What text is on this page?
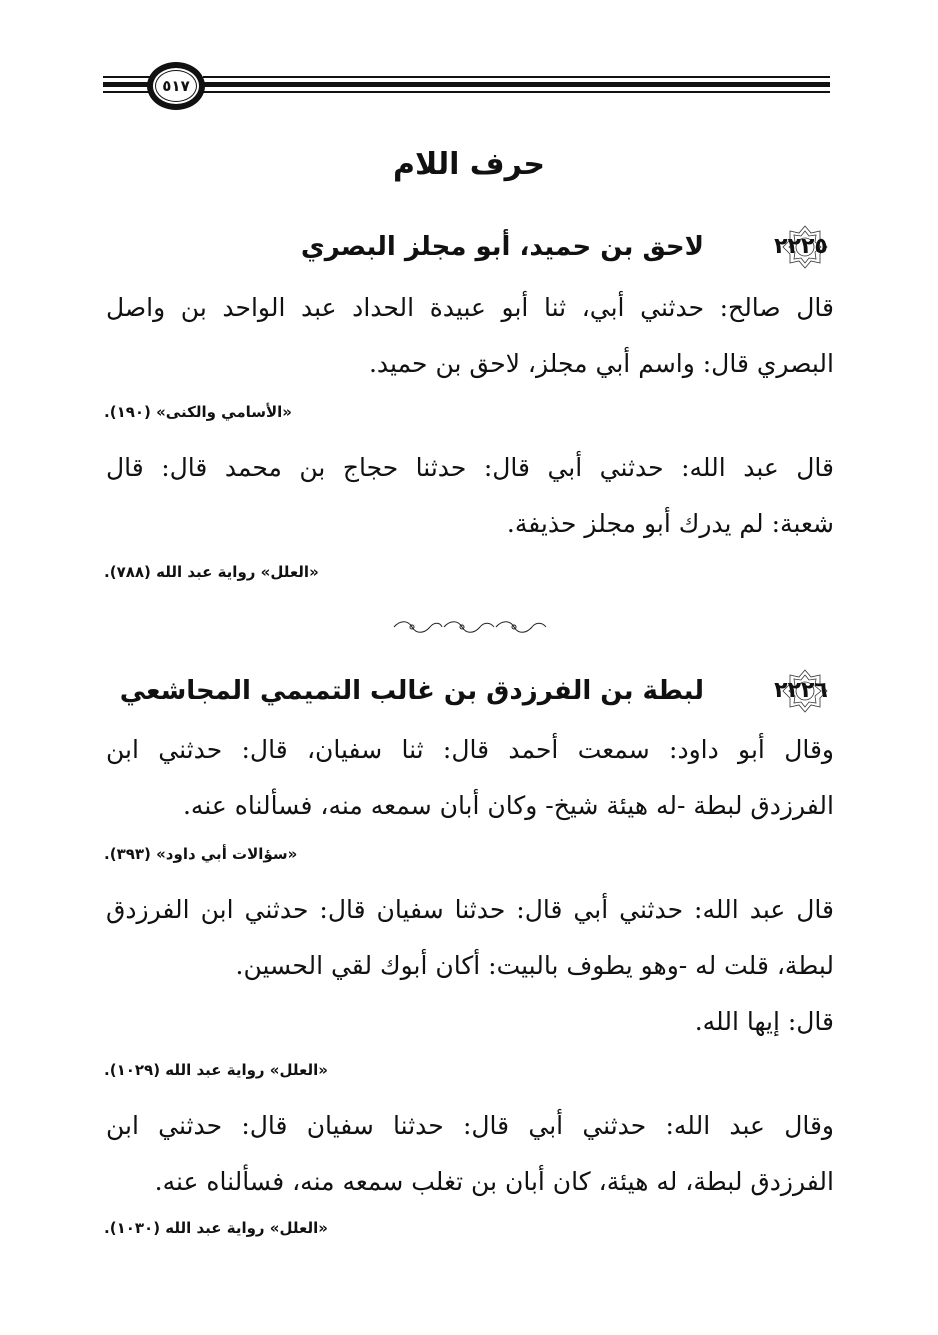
٥١٧
حرف اللام
٢٢٢٥
لاحق بن حميد، أبو مجلز البصري
قال صالح: حدثني أبي، ثنا أبو عبيدة الحداد عبد الواحد بن واصل
البصري قال: واسم أبي مجلز، لاحق بن حميد.
«الأسامي والكنى» (١٩٠).
قال عبد الله: حدثني أبي قال: حدثنا حجاج بن محمد قال: قال
شعبة: لم يدرك أبو مجلز حذيفة.
«العلل» رواية عبد الله (٧٨٨).
٢٢٢٦
لبطة بن الفرزدق بن غالب التميمي المجاشعي
وقال أبو داود: سمعت أحمد قال: ثنا سفيان، قال: حدثني ابن
الفرزدق لبطة -له هيئة شيخ- وكان أبان سمعه منه، فسألناه عنه.
«سؤالات أبي داود» (٣٩٣).
قال عبد الله: حدثني أبي قال: حدثنا سفيان قال: حدثني ابن الفرزدق
لبطة، قلت له -وهو يطوف بالبيت: أكان أبوك لقي الحسين.
قال: إيها الله.
«العلل» رواية عبد الله (١٠٢٩).
وقال عبد الله: حدثني أبي قال: حدثنا سفيان قال: حدثني ابن
الفرزدق لبطة، له هيئة، كان أبان بن تغلب سمعه منه، فسألناه عنه.
«العلل» رواية عبد الله (١٠٣٠).
